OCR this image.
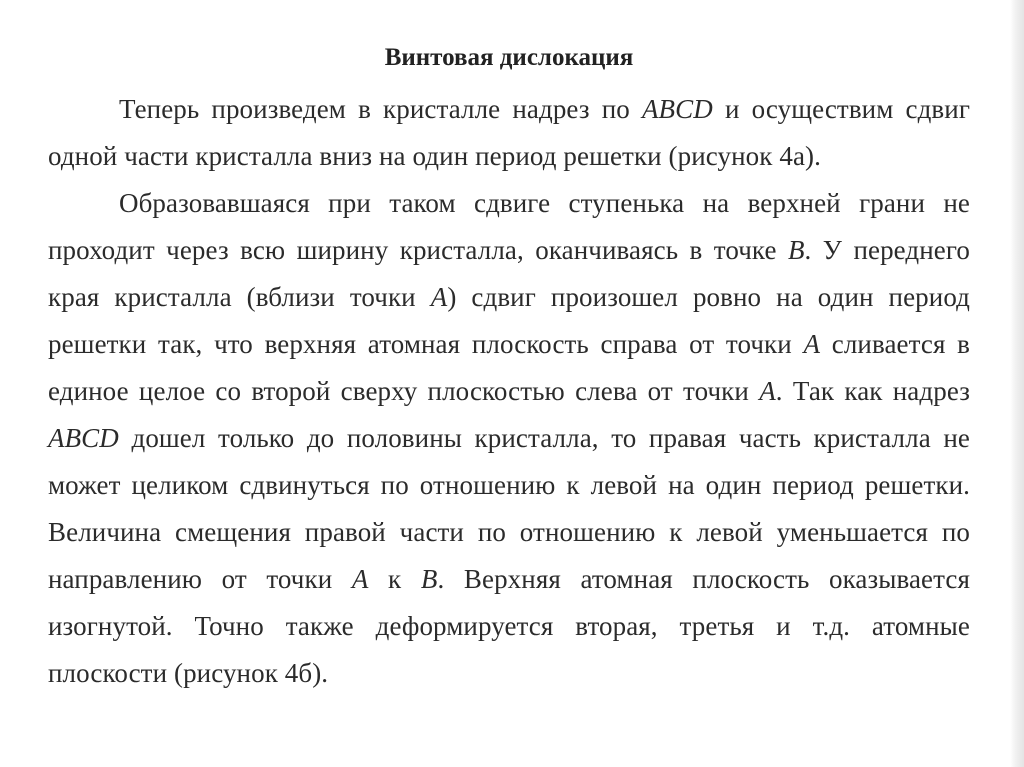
Винтовая дислокация

Теперь произведем в кристалле надрез по ABCD и осуществим сдвиг одной части кристалла вниз на один период решетки (рисунок 4а).

Образовавшаяся при таком сдвиге ступенька на верхней грани не проходит через всю ширину кристалла, оканчиваясь в точке В. У переднего края кристалла (вблизи точки А) сдвиг произошел ровно на один период решетки так, что верхняя атомная плоскость справа от точки А сливается в единое целое со второй сверху плоскостью слева от точки А. Так как надрез ABCD дошел только до половины кристалла, то правая часть кристалла не может целиком сдвинуться по отношению к левой на один период решетки. Величина смещения правой части по отношению к левой уменьшается по направлению от точки А к В. Верхняя атомная плоскость оказывается изогнутой. Точно также деформируется вторая, третья и т.д. атомные плоскости (рисунок 4б).
